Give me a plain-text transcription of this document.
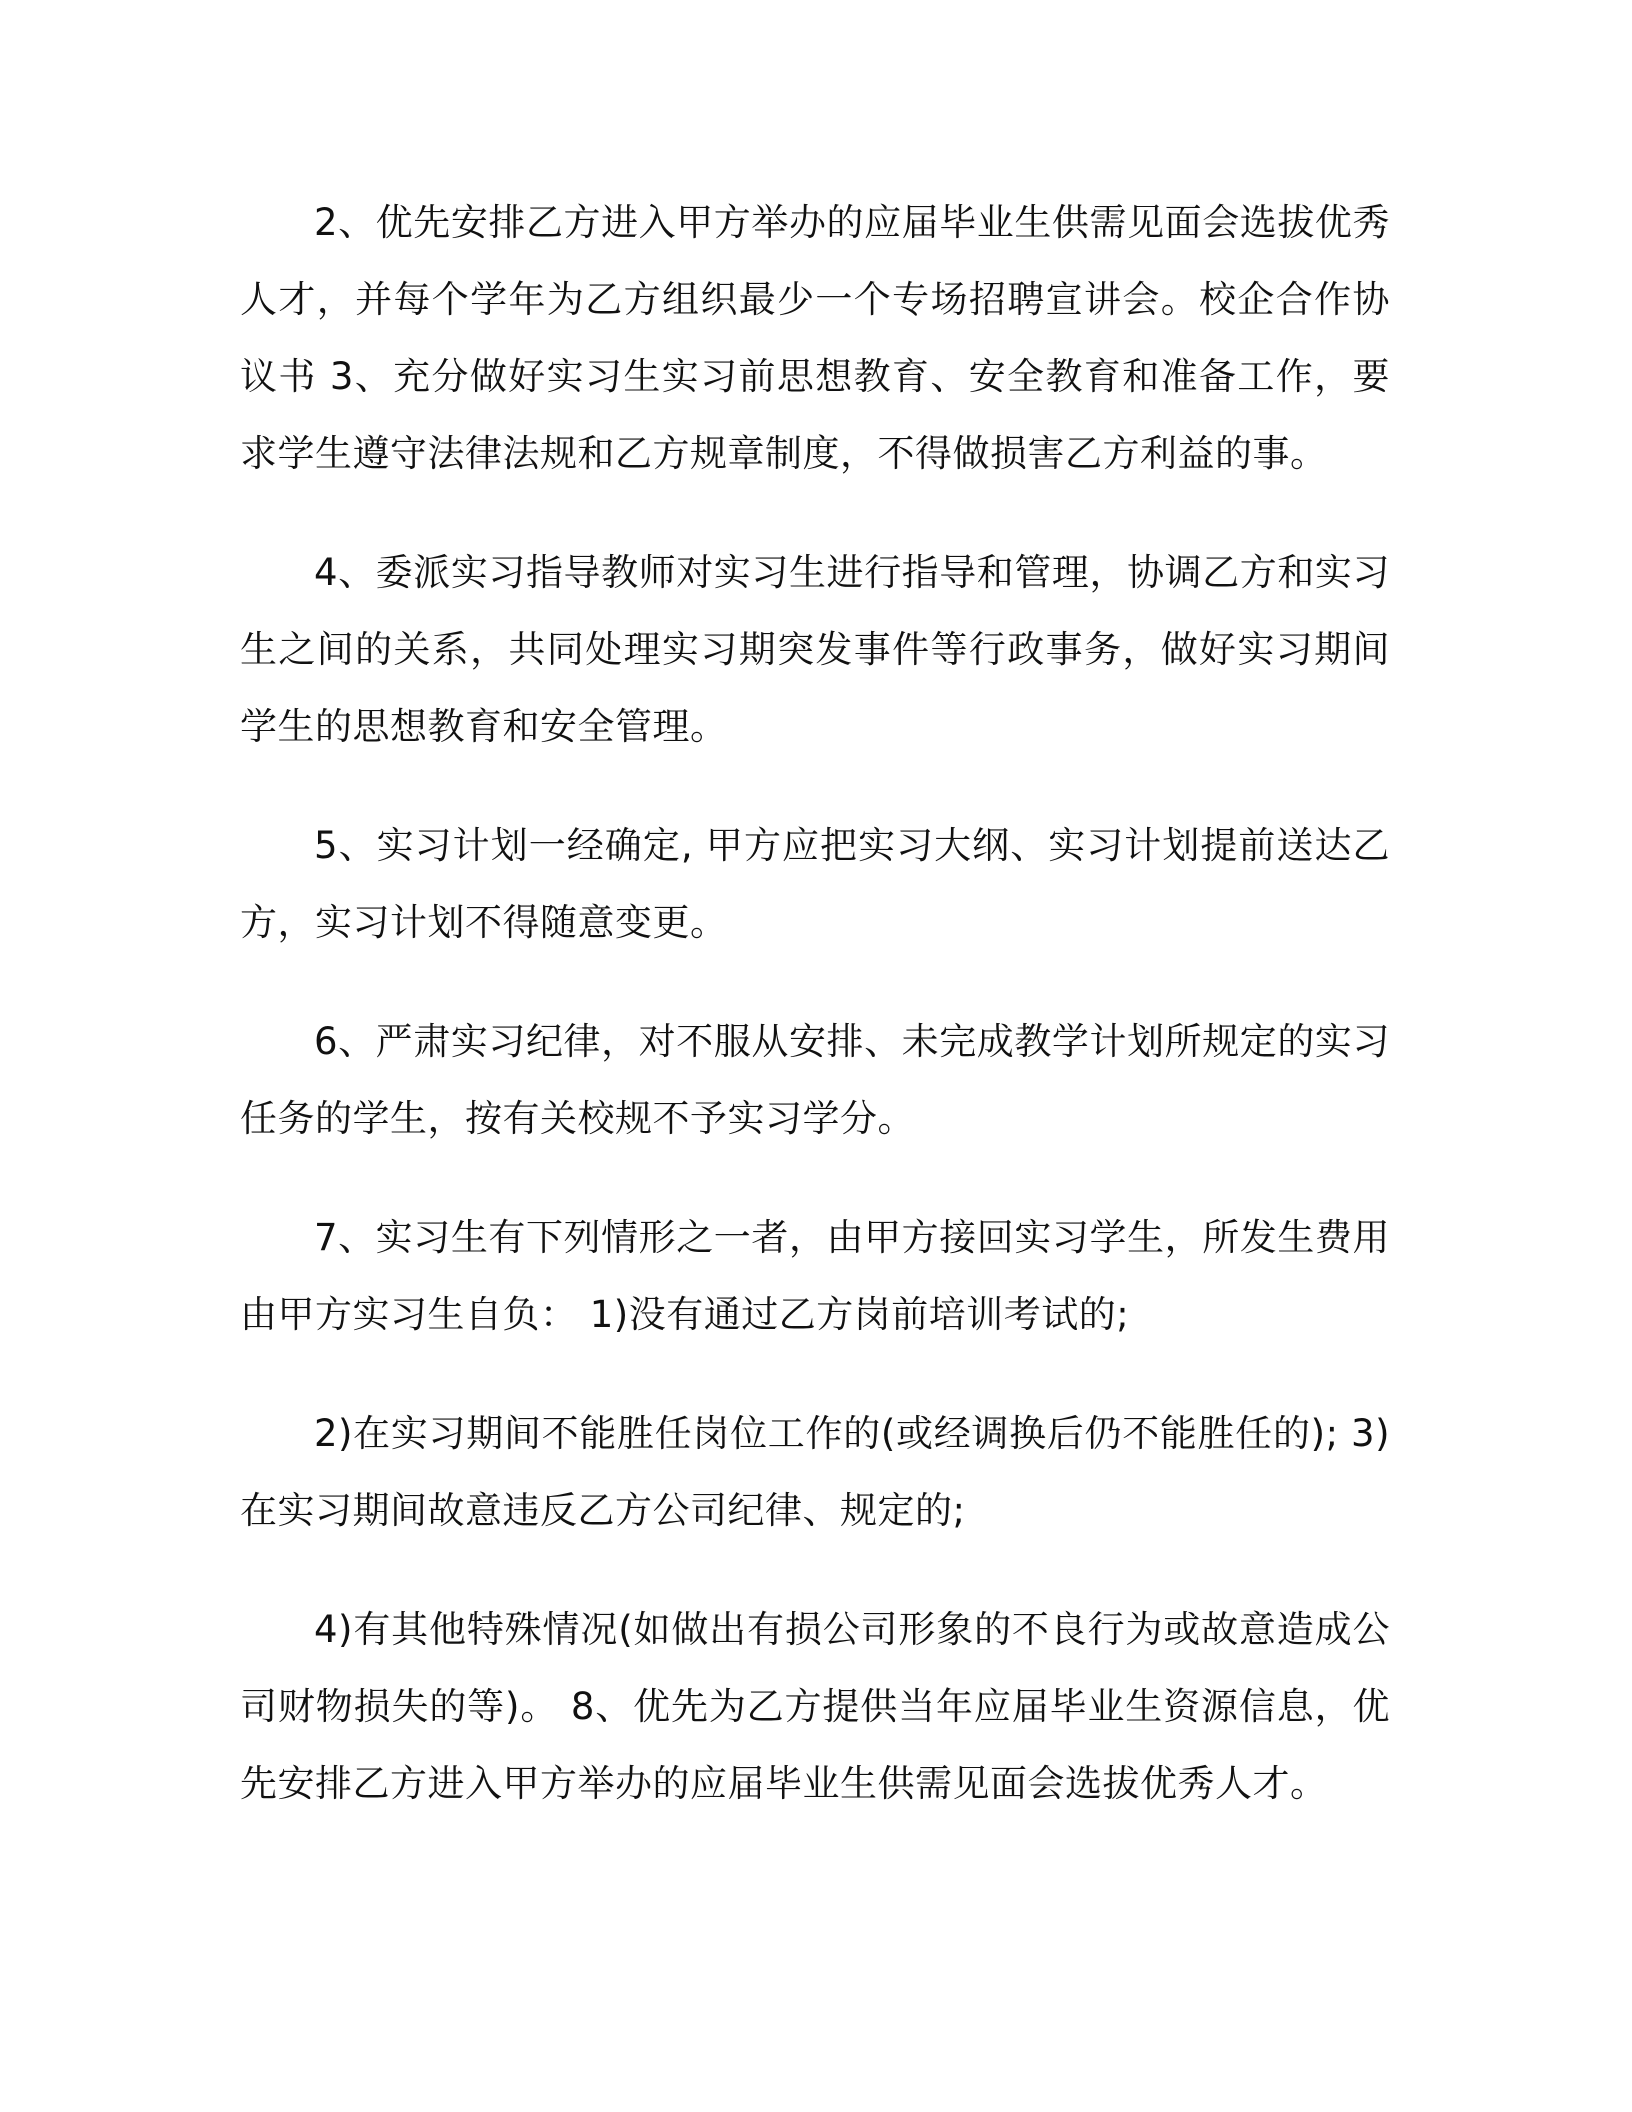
2、优先安排乙方进入甲方举办的应届毕业生供需见面会选拔优秀人才，并每个学年为乙方组织最少一个专场招聘宣讲会。校企合作协议书 3、充分做好实习生实习前思想教育、安全教育和准备工作，要求学生遵守法律法规和乙方规章制度，不得做损害乙方利益的事。

4、委派实习指导教师对实习生进行指导和管理，协调乙方和实习生之间的关系，共同处理实习期突发事件等行政事务，做好实习期间学生的思想教育和安全管理。

5、实习计划一经确定, 甲方应把实习大纲、实习计划提前送达乙方，实习计划不得随意变更。

6、严肃实习纪律，对不服从安排、未完成教学计划所规定的实习任务的学生，按有关校规不予实习学分。

7、实习生有下列情形之一者，由甲方接回实习学生，所发生费用由甲方实习生自负： 1)没有通过乙方岗前培训考试的;

2)在实习期间不能胜任岗位工作的(或经调换后仍不能胜任的); 3)在实习期间故意违反乙方公司纪律、规定的;

4)有其他特殊情况(如做出有损公司形象的不良行为或故意造成公司财物损失的等)。 8、优先为乙方提供当年应届毕业生资源信息，优先安排乙方进入甲方举办的应届毕业生供需见面会选拔优秀人才。
